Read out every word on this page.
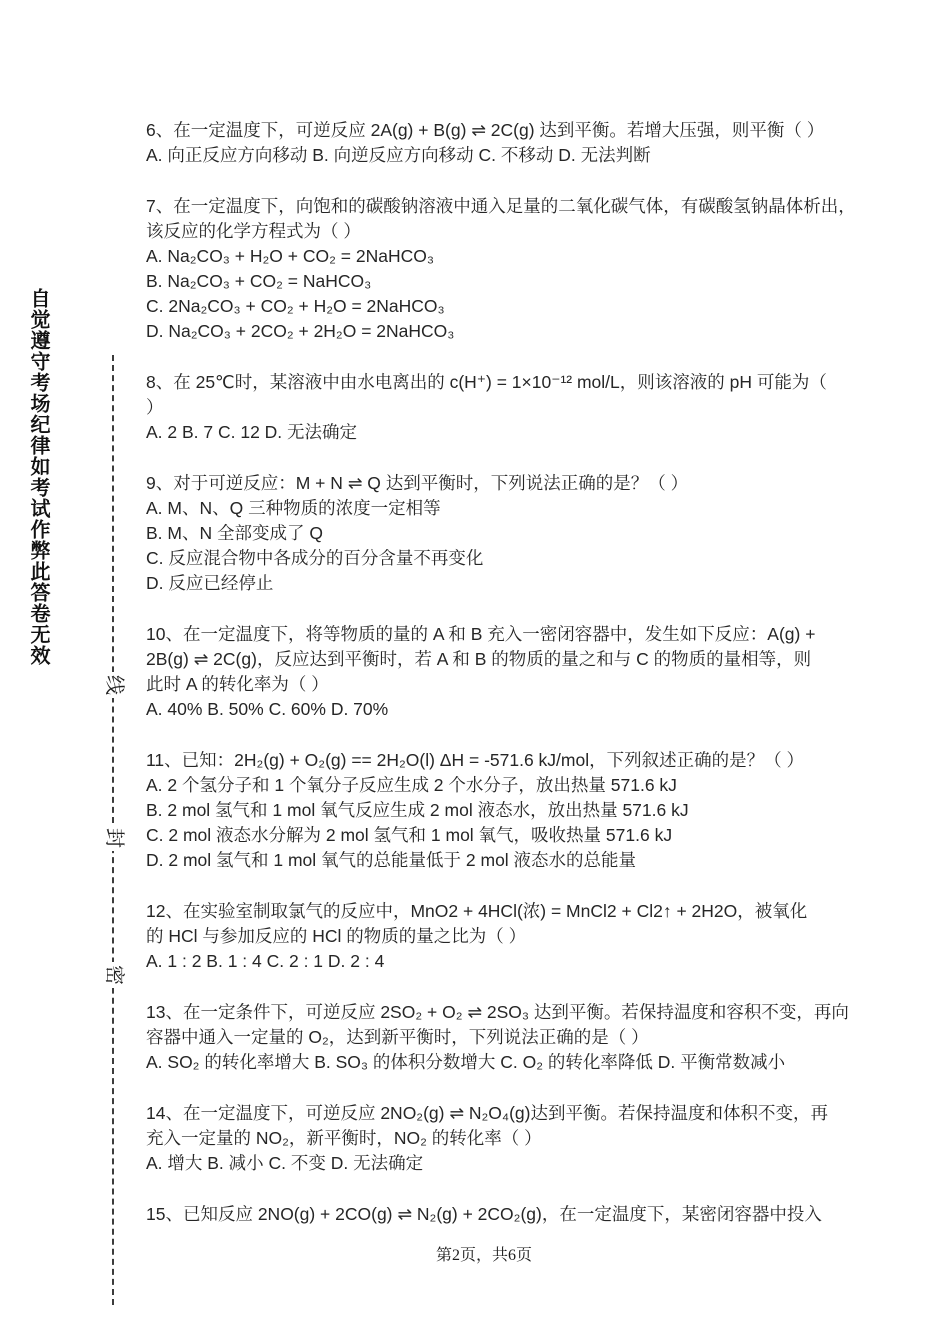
自觉遵守考场纪律如考试作弊此答卷无效
线
封
密
6、在一定温度下，可逆反应 2A(g) + B(g) ⇌ 2C(g) 达到平衡。若增大压强，则平衡（ ）
A. 向正反应方向移动 B. 向逆反应方向移动 C. 不移动 D. 无法判断
7、在一定温度下，向饱和的碳酸钠溶液中通入足量的二氧化碳气体，有碳酸氢钠晶体析出，
该反应的化学方程式为（ ）
A. Na₂CO₃ + H₂O + CO₂ = 2NaHCO₃
B. Na₂CO₃ + CO₂ = NaHCO₃
C. 2Na₂CO₃ + CO₂ + H₂O = 2NaHCO₃
D. Na₂CO₃ + 2CO₂ + 2H₂O = 2NaHCO₃
8、在 25℃时，某溶液中由水电离出的 c(H⁺) = 1×10⁻¹² mol/L，则该溶液的 pH 可能为（
）
A. 2 B. 7 C. 12 D. 无法确定
9、对于可逆反应：M + N ⇌ Q 达到平衡时，下列说法正确的是？（ ）
A. M、N、Q 三种物质的浓度一定相等
B. M、N 全部变成了 Q
C. 反应混合物中各成分的百分含量不再变化
D. 反应已经停止
10、在一定温度下，将等物质的量的 A 和 B 充入一密闭容器中，发生如下反应：A(g) +
2B(g) ⇌ 2C(g)，反应达到平衡时，若 A 和 B 的物质的量之和与 C 的物质的量相等，则
此时 A 的转化率为（ ）
A. 40% B. 50% C. 60% D. 70%
11、已知：2H₂(g) + O₂(g) == 2H₂O(l) ΔH = -571.6 kJ/mol，下列叙述正确的是？（ ）
A. 2 个氢分子和 1 个氧分子反应生成 2 个水分子，放出热量 571.6 kJ
B. 2 mol 氢气和 1 mol 氧气反应生成 2 mol 液态水，放出热量 571.6 kJ
C. 2 mol 液态水分解为 2 mol 氢气和 1 mol 氧气，吸收热量 571.6 kJ
D. 2 mol 氢气和 1 mol 氧气的总能量低于 2 mol 液态水的总能量
12、在实验室制取氯气的反应中，MnO2 + 4HCl(浓) = MnCl2 + Cl2↑ + 2H2O，被氧化
的 HCl 与参加反应的 HCl 的物质的量之比为（ ）
A. 1 : 2 B. 1 : 4 C. 2 : 1 D. 2 : 4
13、在一定条件下，可逆反应 2SO₂ + O₂ ⇌ 2SO₃ 达到平衡。若保持温度和容积不变，再向
容器中通入一定量的 O₂，达到新平衡时，下列说法正确的是（ ）
A. SO₂ 的转化率增大 B. SO₃ 的体积分数增大 C. O₂ 的转化率降低 D. 平衡常数减小
14、在一定温度下，可逆反应 2NO₂(g) ⇌ N₂O₄(g)达到平衡。若保持温度和体积不变，再
充入一定量的 NO₂，新平衡时，NO₂ 的转化率（ ）
A. 增大 B. 减小 C. 不变 D. 无法确定
15、已知反应 2NO(g) + 2CO(g) ⇌ N₂(g) + 2CO₂(g)，在一定温度下，某密闭容器中投入
第2页，共6页
